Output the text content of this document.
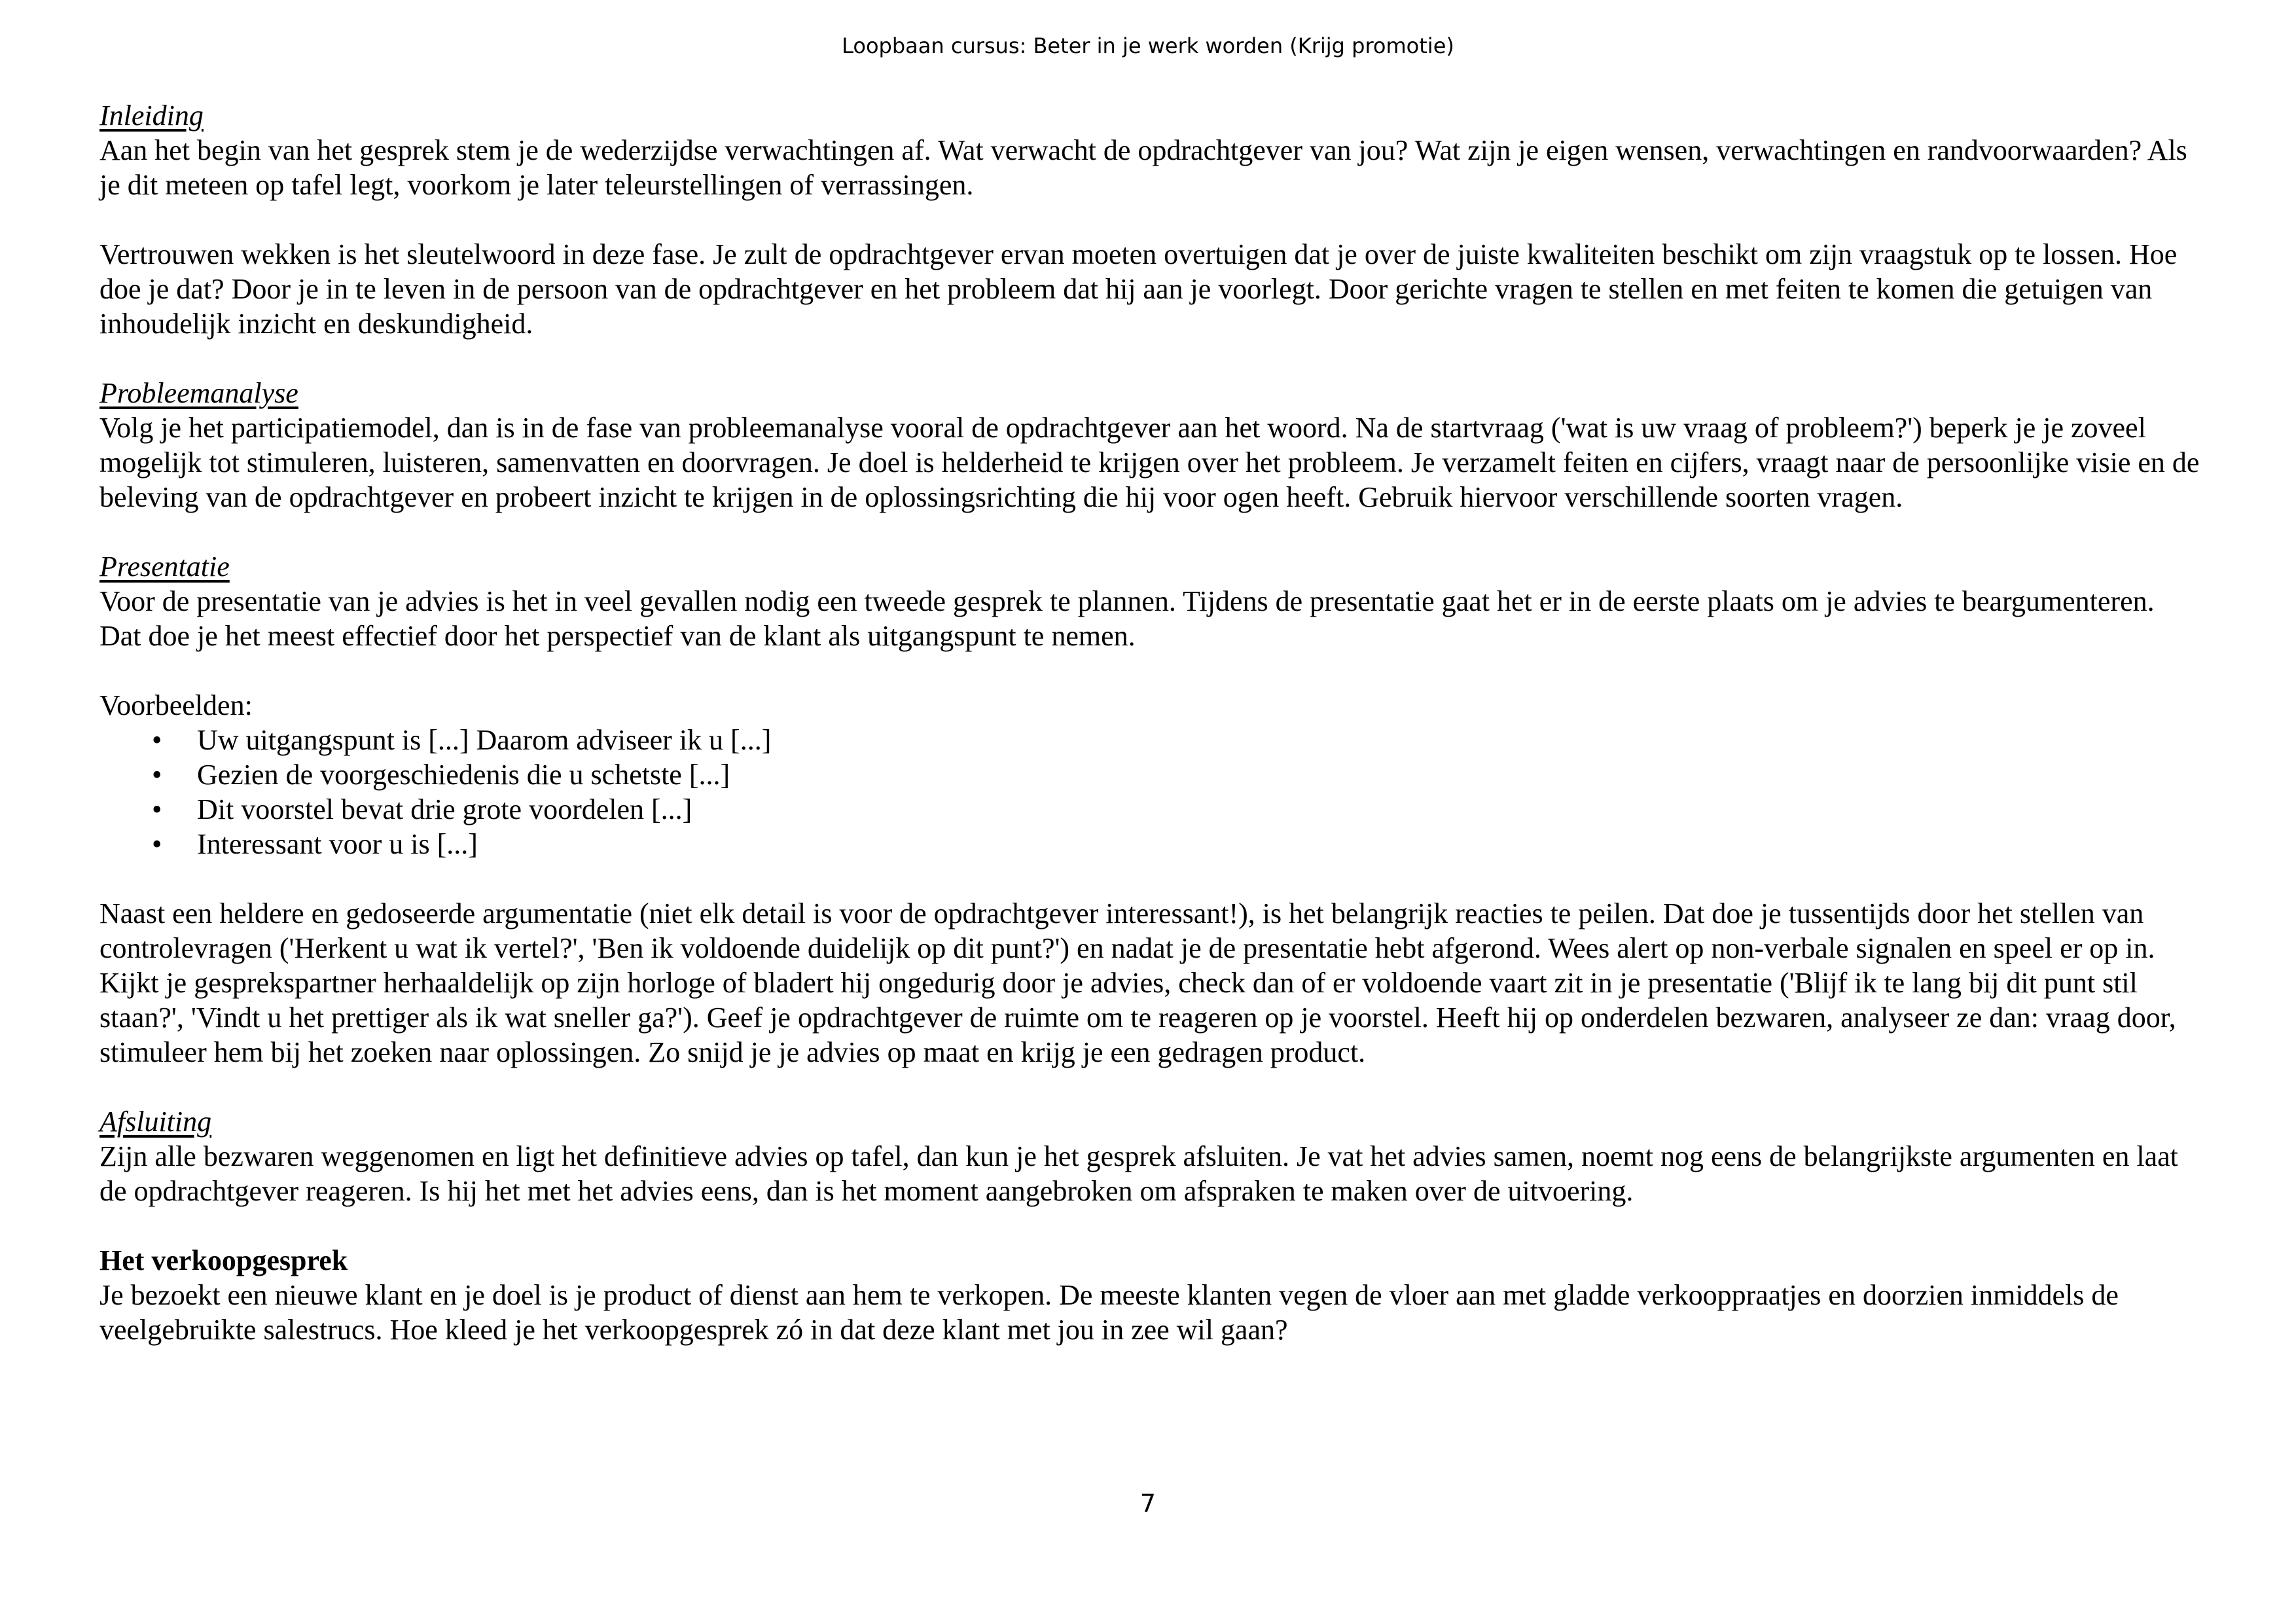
Loopbaan cursus: Beter in je werk worden (Krijg promotie)

Inleiding

Aan het begin van het gesprek stem je de wederzijdse verwachtingen af. Wat verwacht de opdrachtgever van jou? Wat zijn je eigen wensen, verwachtingen en randvoorwaarden? Als je dit meteen op tafel legt, voorkom je later teleurstellingen of verrassingen.

Vertrouwen wekken is het sleutelwoord in deze fase. Je zult de opdrachtgever ervan moeten overtuigen dat je over de juiste kwaliteiten beschikt om zijn vraagstuk op te lossen. Hoe doe je dat? Door je in te leven in de persoon van de opdrachtgever en het probleem dat hij aan je voorlegt. Door gerichte vragen te stellen en met feiten te komen die getuigen van inhoudelijk inzicht en deskundigheid.

Probleemanalyse

Volg je het participatiemodel, dan is in de fase van probleemanalyse vooral de opdrachtgever aan het woord. Na de startvraag ('wat is uw vraag of probleem?') beperk je je zoveel mogelijk tot stimuleren, luisteren, samenvatten en doorvragen. Je doel is helderheid te krijgen over het probleem. Je verzamelt feiten en cijfers, vraagt naar de persoonlijke visie en de beleving van de opdrachtgever en probeert inzicht te krijgen in de oplossingsrichting die hij voor ogen heeft. Gebruik hiervoor verschillende soorten vragen.

Presentatie

Voor de presentatie van je advies is het in veel gevallen nodig een tweede gesprek te plannen. Tijdens de presentatie gaat het er in de eerste plaats om je advies te beargumenteren. Dat doe je het meest effectief door het perspectief van de klant als uitgangspunt te nemen.

Voorbeelden:

• Uw uitgangspunt is [...] Daarom adviseer ik u [...]
• Gezien de voorgeschiedenis die u schetste [...]
• Dit voorstel bevat drie grote voordelen [...]
• Interessant voor u is [...]

Naast een heldere en gedoseerde argumentatie (niet elk detail is voor de opdrachtgever interessant!), is het belangrijk reacties te peilen. Dat doe je tussentijds door het stellen van controlevragen ('Herkent u wat ik vertel?', 'Ben ik voldoende duidelijk op dit punt?') en nadat je de presentatie hebt afgerond. Wees alert op non-verbale signalen en speel er op in. Kijkt je gesprekspartner herhaaldelijk op zijn horloge of bladert hij ongedurig door je advies, check dan of er voldoende vaart zit in je presentatie ('Blijf ik te lang bij dit punt stil staan?', 'Vindt u het prettiger als ik wat sneller ga?'). Geef je opdrachtgever de ruimte om te reageren op je voorstel. Heeft hij op onderdelen bezwaren, analyseer ze dan: vraag door, stimuleer hem bij het zoeken naar oplossingen. Zo snijd je je advies op maat en krijg je een gedragen product.

Afsluiting

Zijn alle bezwaren weggenomen en ligt het definitieve advies op tafel, dan kun je het gesprek afsluiten. Je vat het advies samen, noemt nog eens de belangrijkste argumenten en laat de opdrachtgever reageren. Is hij het met het advies eens, dan is het moment aangebroken om afspraken te maken over de uitvoering.

Het verkoopgesprek

Je bezoekt een nieuwe klant en je doel is je product of dienst aan hem te verkopen. De meeste klanten vegen de vloer aan met gladde verkooppraatjes en doorzien inmiddels de veelgebruikte salestrucs. Hoe kleed je het verkoopgesprek zó in dat deze klant met jou in zee wil gaan?

7
